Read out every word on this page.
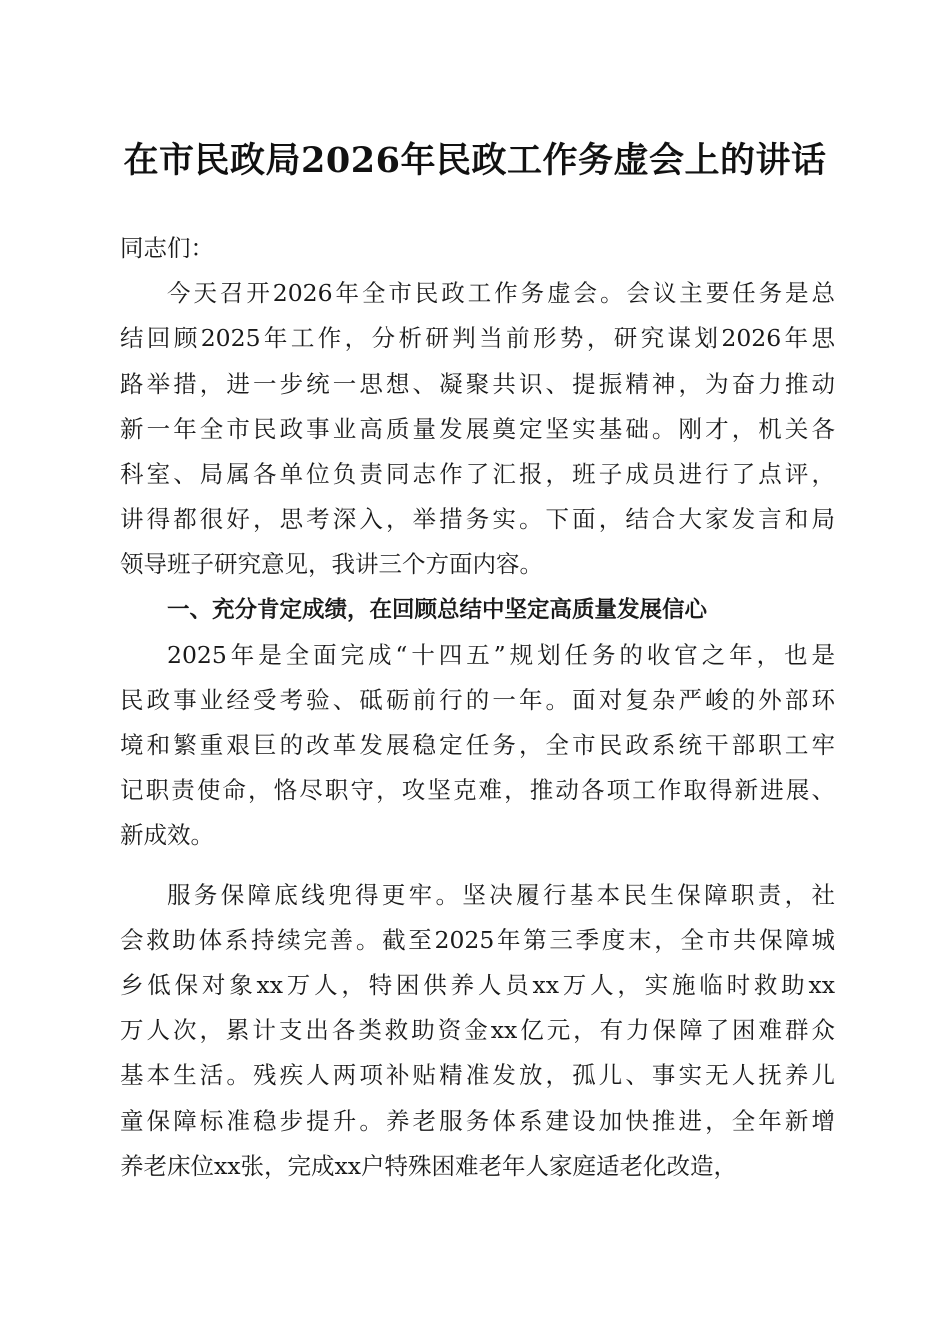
在市民政局2026年民政工作务虚会上的讲话
同志们：
今天召开2026年全市民政工作务虚会。会议主要任务是总
结回顾2025年工作，分析研判当前形势，研究谋划2026年思
路举措，进一步统一思想、凝聚共识、提振精神，为奋力推动
新一年全市民政事业高质量发展奠定坚实基础。刚才，机关各
科室、局属各单位负责同志作了汇报，班子成员进行了点评，
讲得都很好，思考深入，举措务实。下面，结合大家发言和局
领导班子研究意见，我讲三个方面内容。
一、充分肯定成绩，在回顾总结中坚定高质量发展信心
2025年是全面完成“十四五”规划任务的收官之年，也是
民政事业经受考验、砥砺前行的一年。面对复杂严峻的外部环
境和繁重艰巨的改革发展稳定任务，全市民政系统干部职工牢
记职责使命，恪尽职守，攻坚克难，推动各项工作取得新进展、
新成效。
服务保障底线兜得更牢。坚决履行基本民生保障职责，社
会救助体系持续完善。截至2025年第三季度末，全市共保障城
乡低保对象xx万人，特困供养人员xx万人，实施临时救助xx
万人次，累计支出各类救助资金xx亿元，有力保障了困难群众
基本生活。残疾人两项补贴精准发放，孤儿、事实无人抚养儿
童保障标准稳步提升。养老服务体系建设加快推进，全年新增
养老床位xx张，完成xx户特殊困难老年人家庭适老化改造，
